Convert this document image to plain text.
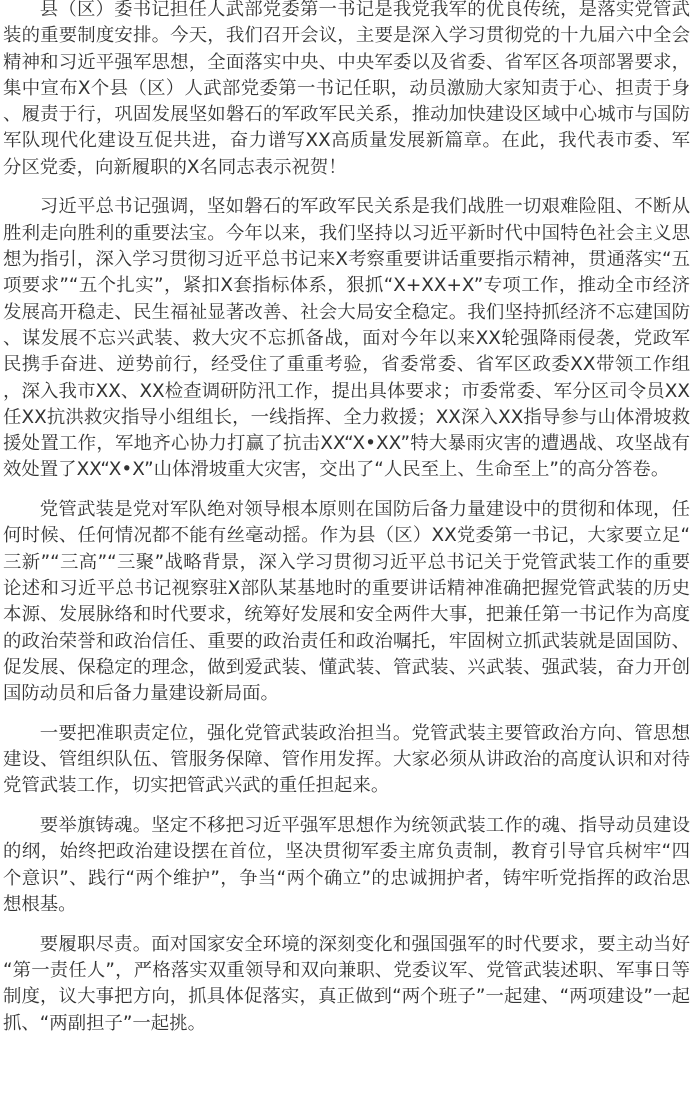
县（区）委书记担任人武部党委第一书记是我党我军的优良传统，是落实党管武装的重要制度安排。今天，我们召开会议，主要是深入学习贯彻党的十九届六中全会精神和习近平强军思想，全面落实中央、中央军委以及省委、省军区各项部署要求，集中宣布X个县（区）人武部党委第一书记任职，动员激励大家知责于心、担责于身、履责于行，巩固发展坚如磐石的军政军民关系，推动加快建设区域中心城市与国防军队现代化建设互促共进，奋力谱写XX高质量发展新篇章。在此，我代表市委、军分区党委，向新履职的X名同志表示祝贺！

习近平总书记强调，坚如磐石的军政军民关系是我们战胜一切艰难险阻、不断从胜利走向胜利的重要法宝。今年以来，我们坚持以习近平新时代中国特色社会主义思想为指引，深入学习贯彻习近平总书记来X考察重要讲话重要指示精神，贯通落实“五项要求”“五个扎实”，紧扣X套指标体系，狠抓“X+XX+X”专项工作，推动全市经济发展高开稳走、民生福祉显著改善、社会大局安全稳定。我们坚持抓经济不忘建国防、谋发展不忘兴武装、救大灾不忘抓备战，面对今年以来XX轮强降雨侵袭，党政军民携手奋进、逆势前行，经受住了重重考验，省委常委、省军区政委XX带领工作组，深入我市XX、XX检查调研防汛工作，提出具体要求；市委常委、军分区司令员XX任XX抗洪救灾指导小组组长，一线指挥、全力救援；XX深入XX指导参与山体滑坡救援处置工作，军地齐心协力打赢了抗击XX“X•XX”特大暴雨灾害的遭遇战、攻坚战有效处置了XX“X•X”山体滑坡重大灾害，交出了“人民至上、生命至上”的高分答卷。

党管武装是党对军队绝对领导根本原则在国防后备力量建设中的贯彻和体现，任何时候、任何情况都不能有丝毫动摇。作为县（区）XX党委第一书记，大家要立足“三新”“三高”“三聚”战略背景，深入学习贯彻习近平总书记关于党管武装工作的重要论述和习近平总书记视察驻X部队某基地时的重要讲话精神准确把握党管武装的历史本源、发展脉络和时代要求，统筹好发展和安全两件大事，把兼任第一书记作为高度的政治荣誉和政治信任、重要的政治责任和政治嘱托，牢固树立抓武装就是固国防、促发展、保稳定的理念，做到爱武装、懂武装、管武装、兴武装、强武装，奋力开创国防动员和后备力量建设新局面。

一要把准职责定位，强化党管武装政治担当。党管武装主要管政治方向、管思想建设、管组织队伍、管服务保障、管作用发挥。大家必须从讲政治的高度认识和对待党管武装工作，切实把管武兴武的重任担起来。

要举旗铸魂。坚定不移把习近平强军思想作为统领武装工作的魂、指导动员建设的纲，始终把政治建设摆在首位，坚决贯彻军委主席负责制，教育引导官兵树牢“四个意识”、践行“两个维护”，争当“两个确立”的忠诚拥护者，铸牢听党指挥的政治思想根基。

要履职尽责。面对国家安全环境的深刻变化和强国强军的时代要求，要主动当好“第一责任人”，严格落实双重领导和双向兼职、党委议军、党管武装述职、军事日等制度，议大事把方向，抓具体促落实，真正做到“两个班子”一起建、“两项建设”一起抓、“两副担子”一起挑。
